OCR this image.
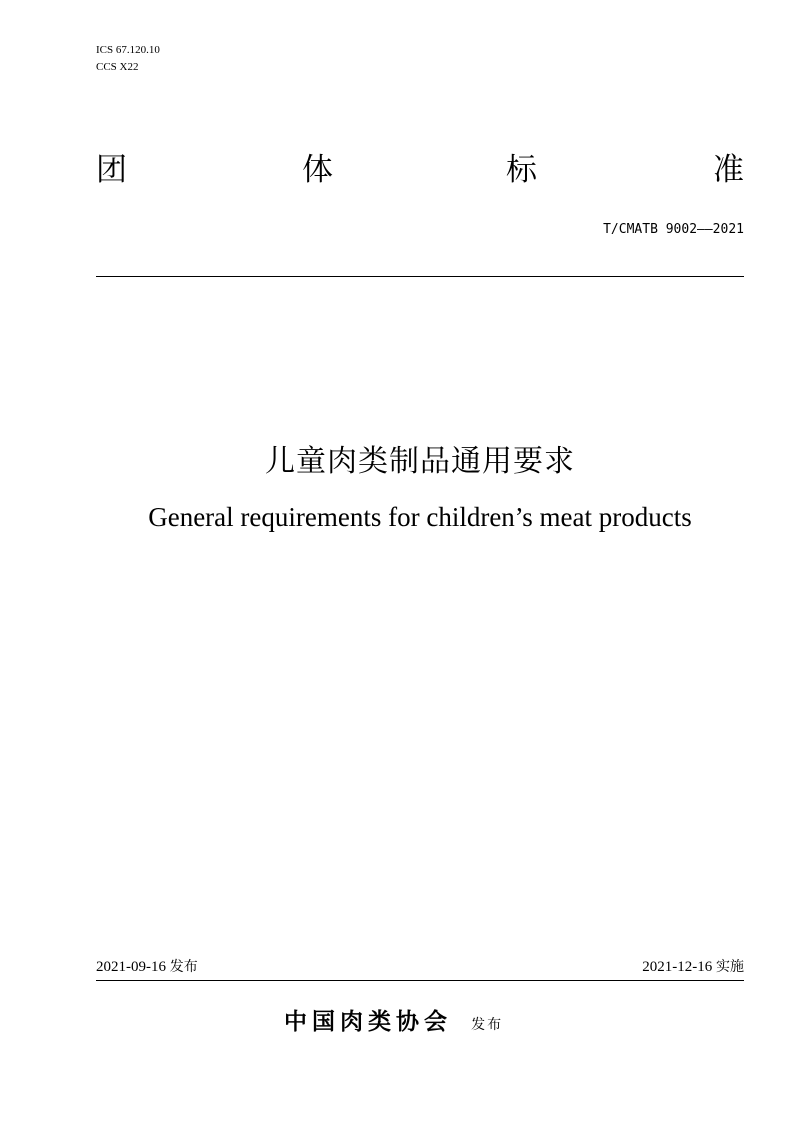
ICS 67.120.10
CCS X22
团	体	标	准
T/CMATB 9002——2021
儿童肉类制品通用要求
General requirements for children’s meat products
2021-09-16 发布	2021-12-16 实施
中国肉类协会 发布
